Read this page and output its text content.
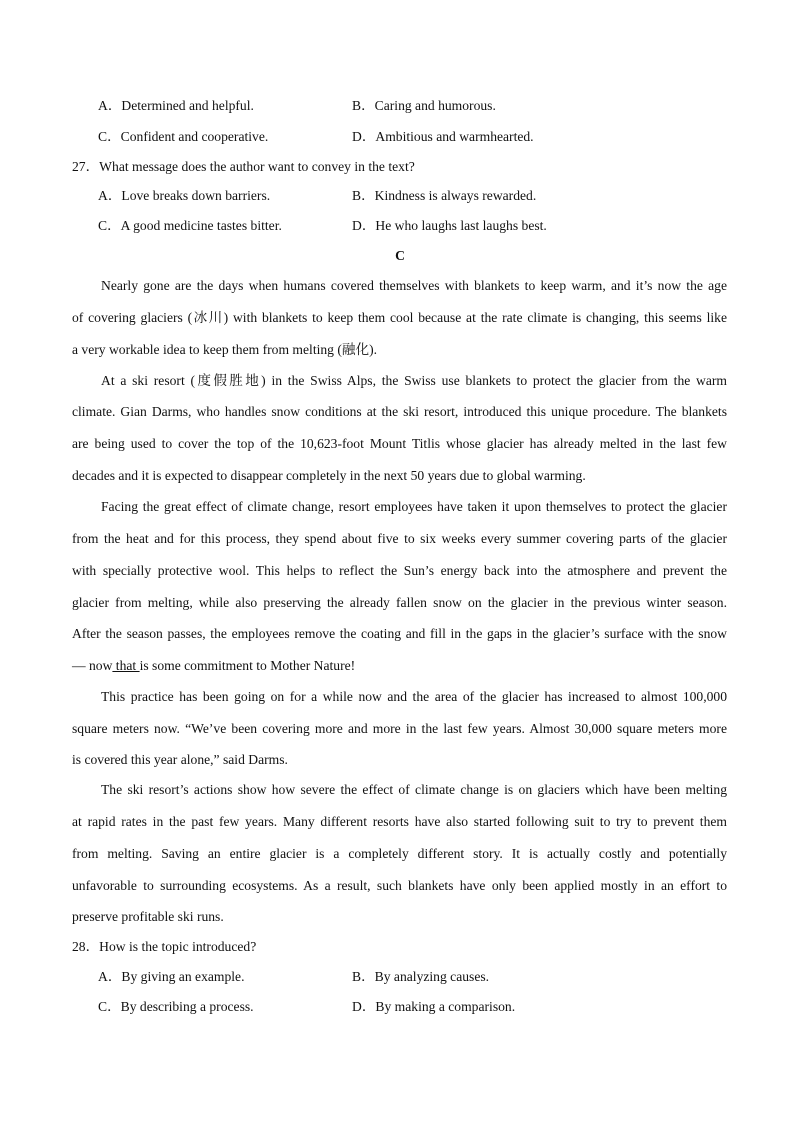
A．Determined and helpful.	B．Caring and humorous.
C．Confident and cooperative.	D．Ambitious and warmhearted.
27．What message does the author want to convey in the text?
A．Love breaks down barriers.	B．Kindness is always rewarded.
C．A good medicine tastes bitter.	D．He who laughs last laughs best.
C
Nearly gone are the days when humans covered themselves with blankets to keep warm, and it’s now the age
of covering glaciers (冰川) with blankets to keep them cool because at the rate climate is changing, this seems like
a very workable idea to keep them from melting (融化).
At a ski resort (度假胜地) in the Swiss Alps, the Swiss use blankets to protect the glacier from the warm
climate. Gian Darms, who handles snow conditions at the ski resort, introduced this unique procedure. The blankets
are being used to cover the top of the 10,623-foot Mount Titlis whose glacier has already melted in the last few
decades and it is expected to disappear completely in the next 50 years due to global warming.
Facing the great effect of climate change, resort employees have taken it upon themselves to protect the glacier
from the heat and for this process, they spend about five to six weeks every summer covering parts of the glacier
with specially protective wool. This helps to reflect the Sun’s energy back into the atmosphere and prevent the
glacier from melting, while also preserving the already fallen snow on the glacier in the previous winter season.
After the season passes, the employees remove the coating and fill in the gaps in the glacier’s surface with the snow
— now that is some commitment to Mother Nature!
This practice has been going on for a while now and the area of the glacier has increased to almost 100,000
square meters now. “We’ve been covering more and more in the last few years. Almost 30,000 square meters more
is covered this year alone,” said Darms.
The ski resort’s actions show how severe the effect of climate change is on glaciers which have been melting
at rapid rates in the past few years. Many different resorts have also started following suit to try to prevent them
from melting. Saving an entire glacier is a completely different story. It is actually costly and potentially
unfavorable to surrounding ecosystems. As a result, such blankets have only been applied mostly in an effort to
preserve profitable ski runs.
28．How is the topic introduced?
A．By giving an example.	B．By analyzing causes.
C．By describing a process.	D．By making a comparison.
